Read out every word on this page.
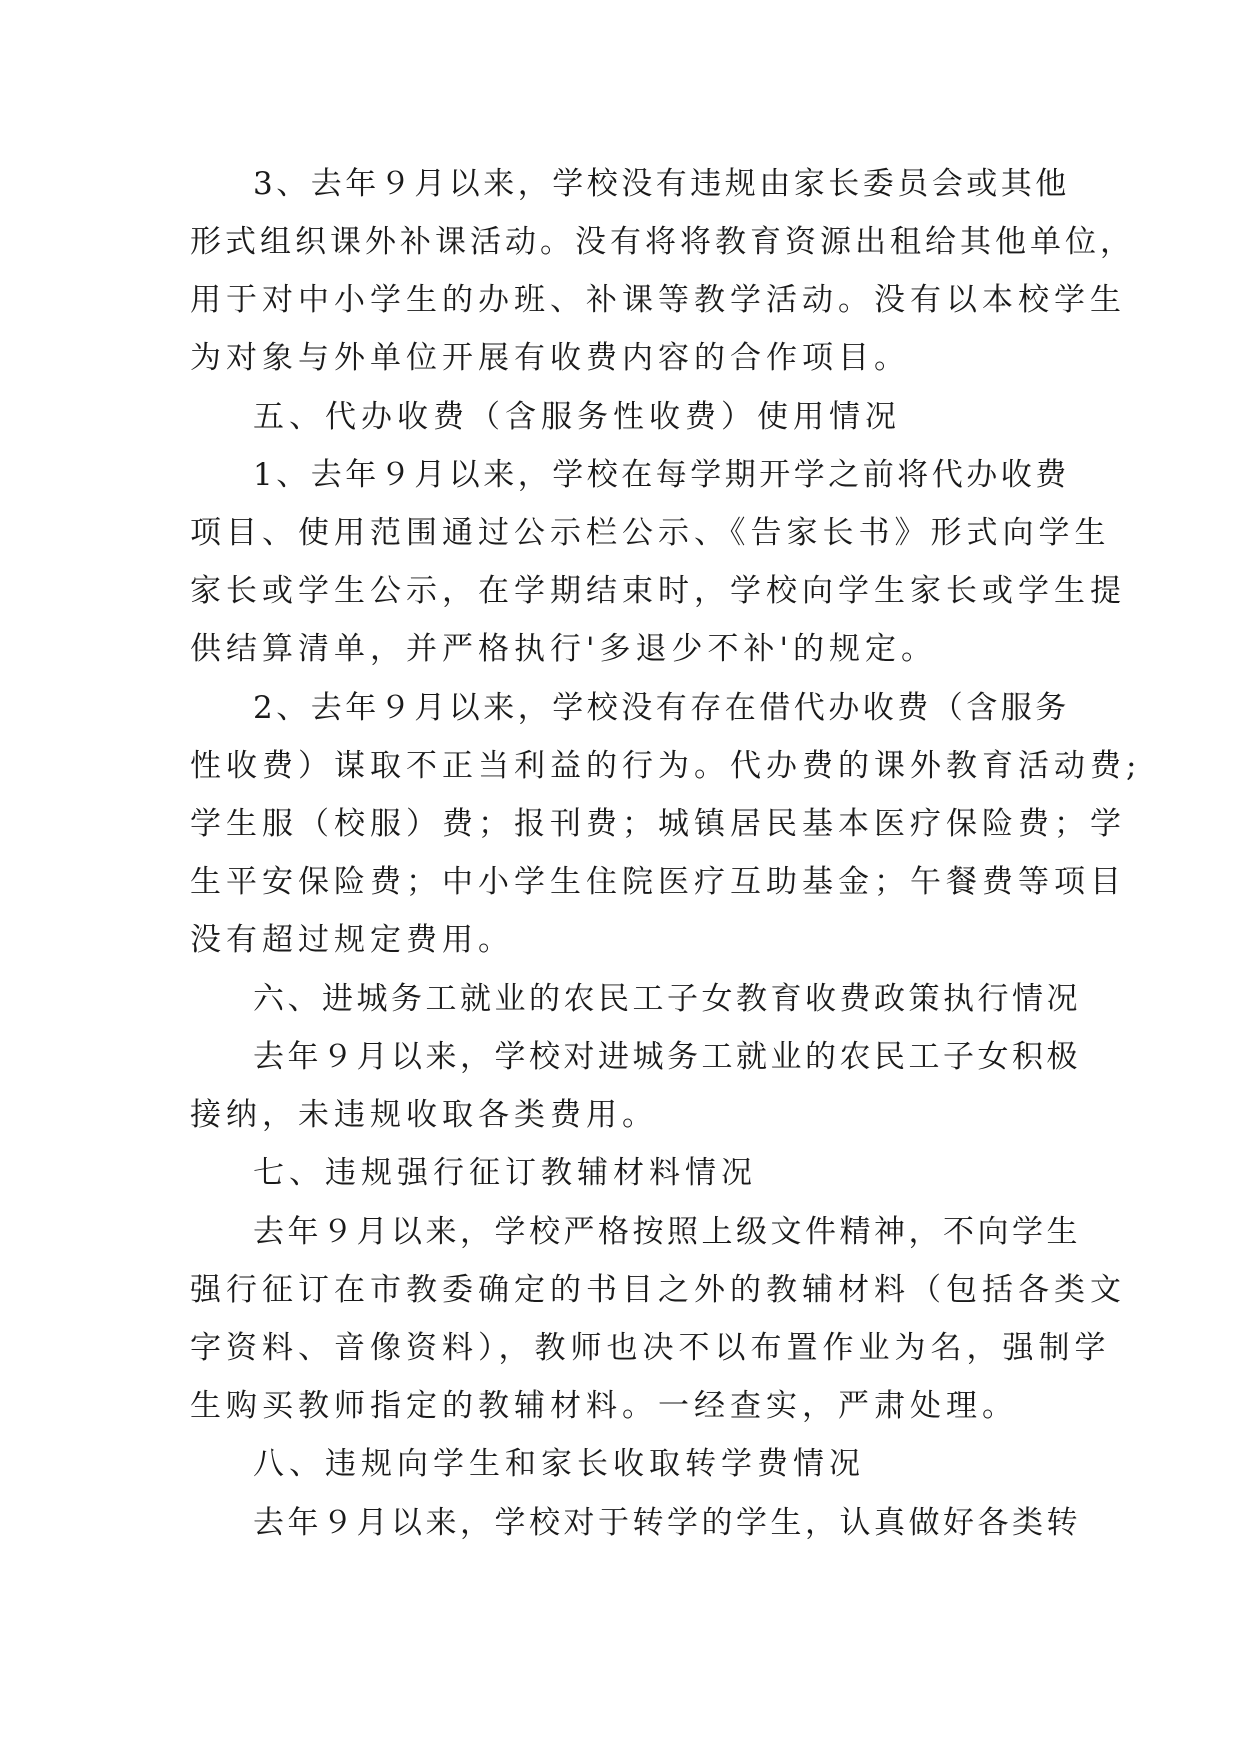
3、去年９月以来，学校没有违规由家长委员会或其他
形式组织课外补课活动。没有将将教育资源出租给其他单位，
用于对中小学生的办班、补课等教学活动。没有以本校学生
为对象与外单位开展有收费内容的合作项目。
五、代办收费（含服务性收费）使用情况
1、去年９月以来，学校在每学期开学之前将代办收费
项目、使用范围通过公示栏公示、《告家长书》形式向学生
家长或学生公示，在学期结束时，学校向学生家长或学生提
供结算清单，并严格执行'多退少不补'的规定。
2、去年９月以来，学校没有存在借代办收费（含服务
性收费）谋取不正当利益的行为。代办费的课外教育活动费;
学生服（校服）费；报刊费；城镇居民基本医疗保险费；学
生平安保险费；中小学生住院医疗互助基金；午餐费等项目
没有超过规定费用。
六、进城务工就业的农民工子女教育收费政策执行情况
去年９月以来，学校对进城务工就业的农民工子女积极
接纳，未违规收取各类费用。
七、违规强行征订教辅材料情况
去年９月以来，学校严格按照上级文件精神，不向学生
强行征订在市教委确定的书目之外的教辅材料（包括各类文
字资料、音像资料），教师也决不以布置作业为名，强制学
生购买教师指定的教辅材料。一经查实，严肃处理。
八、违规向学生和家长收取转学费情况
去年９月以来，学校对于转学的学生，认真做好各类转
